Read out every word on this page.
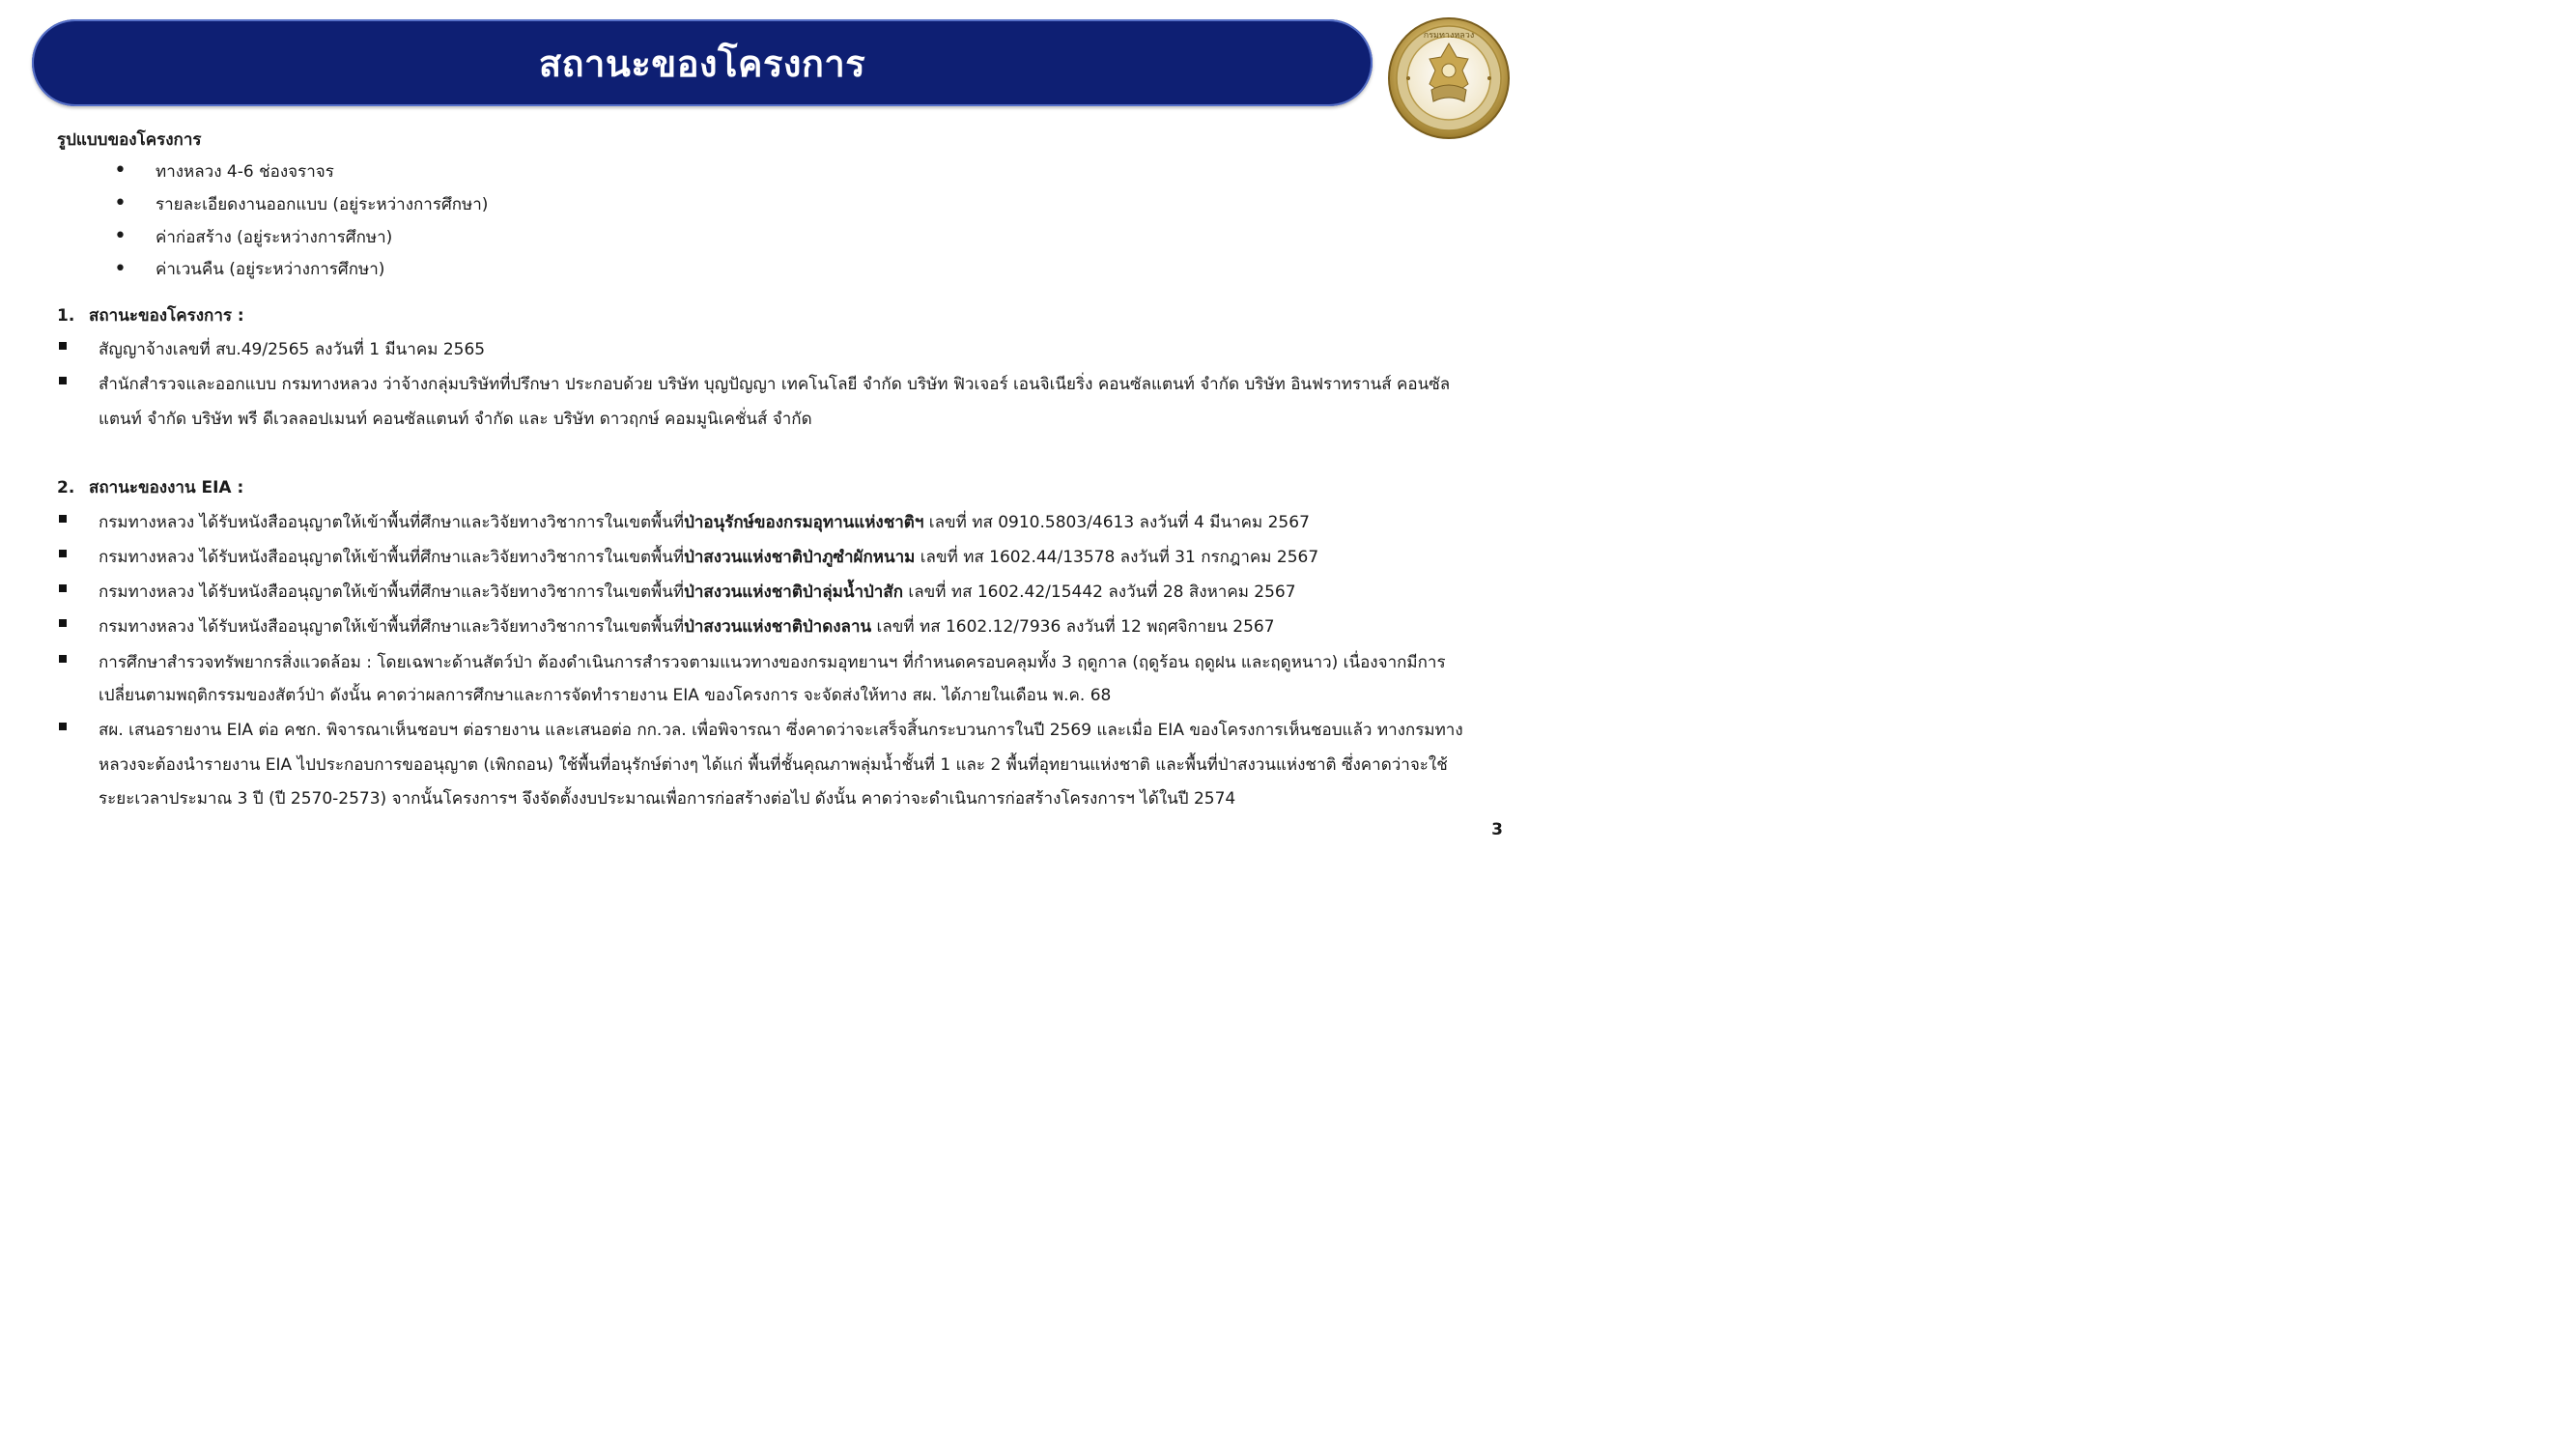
สถานะของโครงการ
กรมทางหลวง
รูปแบบของโครงการ
• ทางหลวง 4-6 ช่องจราจร
• รายละเอียดงานออกแบบ (อยู่ระหว่างการศึกษา)
• ค่าก่อสร้าง (อยู่ระหว่างการศึกษา)
• ค่าเวนคืน (อยู่ระหว่างการศึกษา)
1. สถานะของโครงการ :
สัญญาจ้างเลขที่ สบ.49/2565 ลงวันที่ 1 มีนาคม 2565
สำนักสำรวจและออกแบบ กรมทางหลวง ว่าจ้างกลุ่มบริษัทที่ปรึกษา ประกอบด้วย บริษัท บุญปัญญา เทคโนโลยี จำกัด บริษัท ฟิวเจอร์ เอนจิเนียริ่ง คอนซัลแตนท์ จำกัด บริษัท อินฟราทรานส์ คอนซัล
แตนท์ จำกัด บริษัท พรี ดีเวลลอปเมนท์ คอนซัลแตนท์ จำกัด และ บริษัท ดาวฤกษ์ คอมมูนิเคชั่นส์ จำกัด
2. สถานะของงาน EIA :
กรมทางหลวง ได้รับหนังสืออนุญาตให้เข้าพื้นที่ศึกษาและวิจัยทางวิชาการในเขตพื้นที่ป่าอนุรักษ์ของกรมอุทานแห่งชาติฯ เลขที่ ทส 0910.5803/4613 ลงวันที่ 4 มีนาคม 2567
กรมทางหลวง ได้รับหนังสืออนุญาตให้เข้าพื้นที่ศึกษาและวิจัยทางวิชาการในเขตพื้นที่ป่าสงวนแห่งชาติป่าภูซำผักหนาม เลขที่ ทส 1602.44/13578 ลงวันที่ 31 กรกฎาคม 2567
กรมทางหลวง ได้รับหนังสืออนุญาตให้เข้าพื้นที่ศึกษาและวิจัยทางวิชาการในเขตพื้นที่ป่าสงวนแห่งชาติป่าลุ่มน้ำป่าสัก เลขที่ ทส 1602.42/15442 ลงวันที่ 28 สิงหาคม 2567
กรมทางหลวง ได้รับหนังสืออนุญาตให้เข้าพื้นที่ศึกษาและวิจัยทางวิชาการในเขตพื้นที่ป่าสงวนแห่งชาติป่าดงลาน เลขที่ ทส 1602.12/7936 ลงวันที่ 12 พฤศจิกายน 2567
การศึกษาสำรวจทรัพยากรสิ่งแวดล้อม : โดยเฉพาะด้านสัตว์ป่า ต้องดำเนินการสำรวจตามแนวทางของกรมอุทยานฯ ที่กำหนดครอบคลุมทั้ง 3 ฤดูกาล (ฤดูร้อน ฤดูฝน และฤดูหนาว) เนื่องจากมีการ
เปลี่ยนตามพฤติกรรมของสัตว์ป่า ดังนั้น คาดว่าผลการศึกษาและการจัดทำรายงาน EIA ของโครงการ จะจัดส่งให้ทาง สผ. ได้ภายในเดือน พ.ค. 68
สผ. เสนอรายงาน EIA ต่อ คชก. พิจารณาเห็นชอบฯ ต่อรายงาน และเสนอต่อ กก.วล. เพื่อพิจารณา ซึ่งคาดว่าจะเสร็จสิ้นกระบวนการในปี 2569 และเมื่อ EIA ของโครงการเห็นชอบแล้ว ทางกรมทาง
หลวงจะต้องนำรายงาน EIA ไปประกอบการขออนุญาต (เพิกถอน) ใช้พื้นที่อนุรักษ์ต่างๆ ได้แก่ พื้นที่ชั้นคุณภาพลุ่มน้ำชั้นที่ 1 และ 2 พื้นที่อุทยานแห่งชาติ และพื้นที่ป่าสงวนแห่งชาติ ซึ่งคาดว่าจะใช้
ระยะเวลาประมาณ 3 ปี (ปี 2570-2573) จากนั้นโครงการฯ จึงจัดตั้งงบประมาณเพื่อการก่อสร้างต่อไป ดังนั้น คาดว่าจะดำเนินการก่อสร้างโครงการฯ ได้ในปี 2574
3
